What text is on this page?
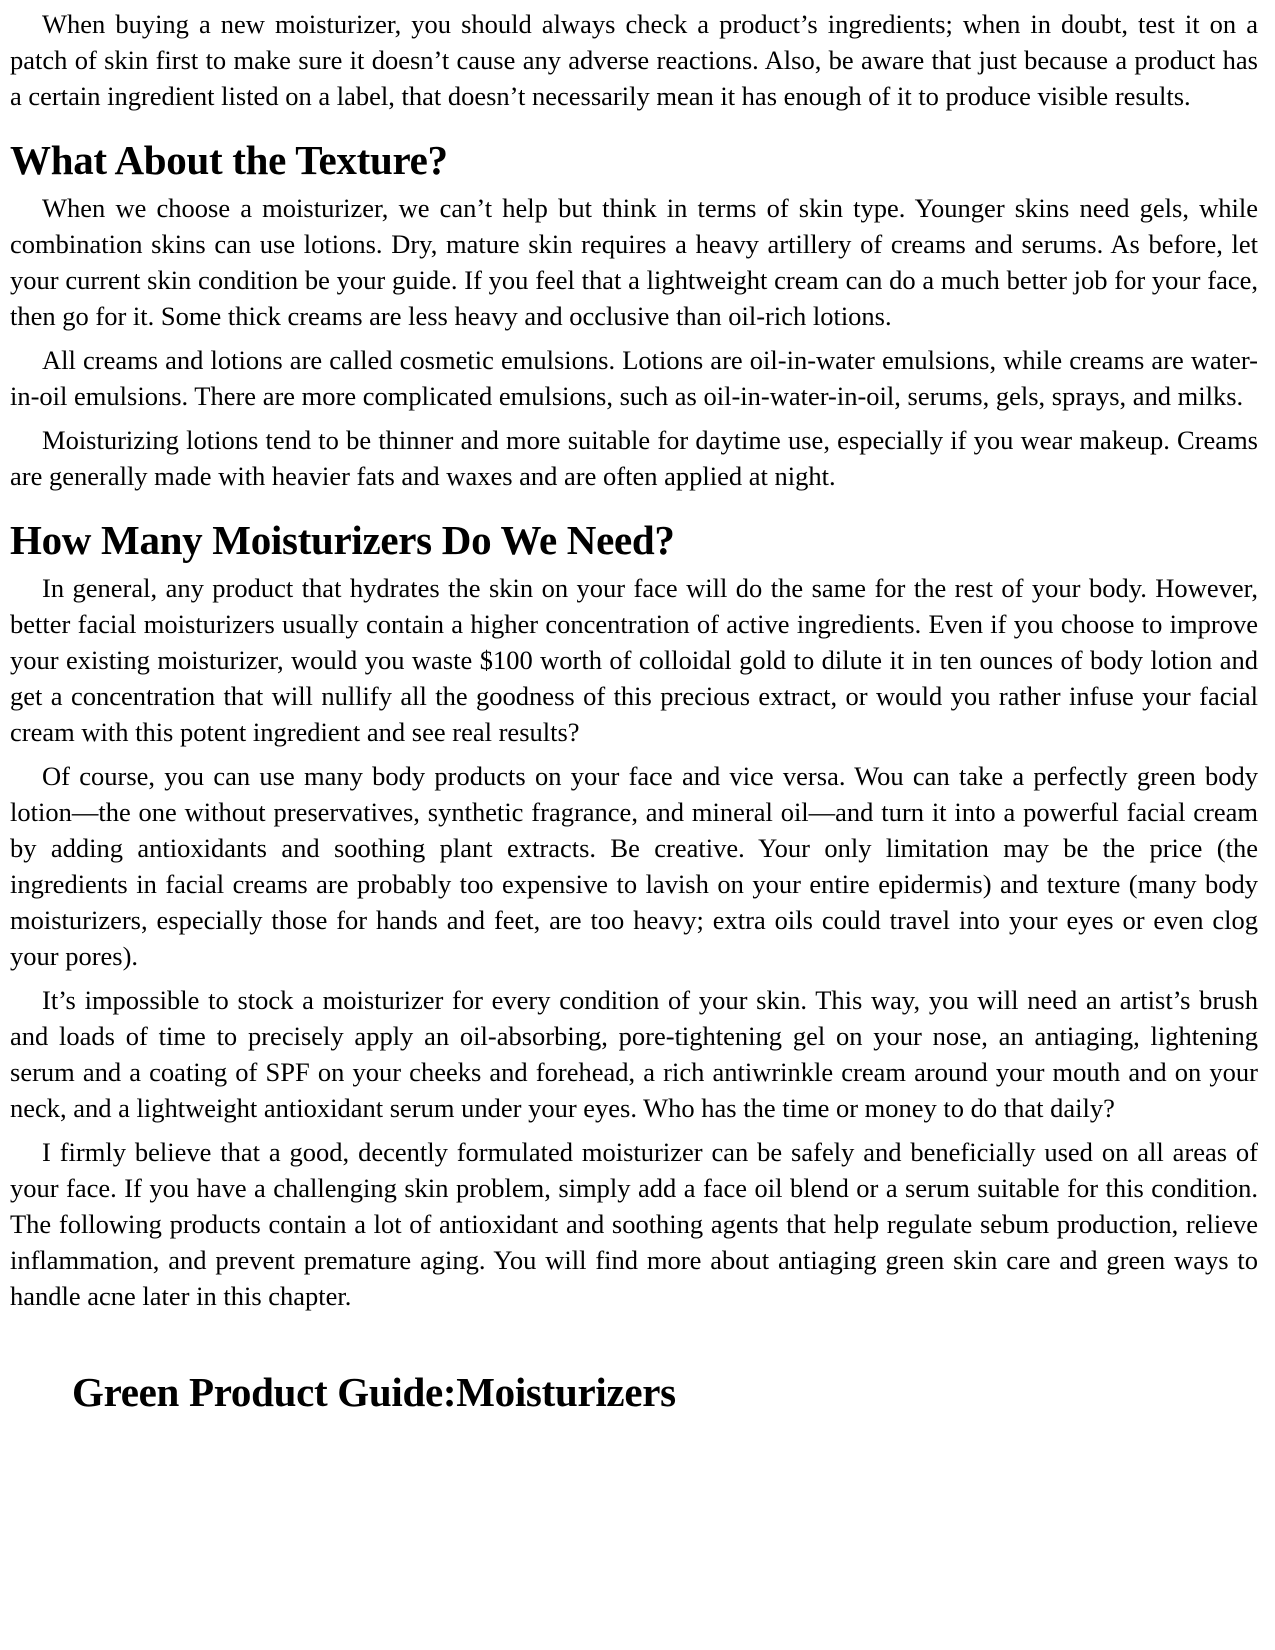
When buying a new moisturizer, you should always check a product’s ingredients; when in doubt, test it on a patch of skin first to make sure it doesn’t cause any adverse reactions. Also, be aware that just because a product has a certain ingredient listed on a label, that doesn’t necessarily mean it has enough of it to produce visible results.

What About the Texture?

When we choose a moisturizer, we can’t help but think in terms of skin type. Younger skins need gels, while combination skins can use lotions. Dry, mature skin requires a heavy artillery of creams and serums. As before, let your current skin condition be your guide. If you feel that a lightweight cream can do a much better job for your face, then go for it. Some thick creams are less heavy and occlusive than oil-rich lotions.

All creams and lotions are called cosmetic emulsions. Lotions are oil-in-water emulsions, while creams are water-in-oil emulsions. There are more complicated emulsions, such as oil-in-water-in-oil, serums, gels, sprays, and milks.

Moisturizing lotions tend to be thinner and more suitable for daytime use, especially if you wear makeup. Creams are generally made with heavier fats and waxes and are often applied at night.

How Many Moisturizers Do We Need?

In general, any product that hydrates the skin on your face will do the same for the rest of your body. However, better facial moisturizers usually contain a higher concentration of active ingredients. Even if you choose to improve your existing moisturizer, would you waste $100 worth of colloidal gold to dilute it in ten ounces of body lotion and get a concentration that will nullify all the goodness of this precious extract, or would you rather infuse your facial cream with this potent ingredient and see real results?

Of course, you can use many body products on your face and vice versa. Wou can take a perfectly green body lotion—the one without preservatives, synthetic fragrance, and mineral oil—and turn it into a powerful facial cream by adding antioxidants and soothing plant extracts. Be creative. Your only limitation may be the price (the ingredients in facial creams are probably too expensive to lavish on your entire epidermis) and texture (many body moisturizers, especially those for hands and feet, are too heavy; extra oils could travel into your eyes or even clog your pores).

It’s impossible to stock a moisturizer for every condition of your skin. This way, you will need an artist’s brush and loads of time to precisely apply an oil-absorbing, pore-tightening gel on your nose, an antiaging, lightening serum and a coating of SPF on your cheeks and forehead, a rich antiwrinkle cream around your mouth and on your neck, and a lightweight antioxidant serum under your eyes. Who has the time or money to do that daily?

I firmly believe that a good, decently formulated moisturizer can be safely and beneficially used on all areas of your face. If you have a challenging skin problem, simply add a face oil blend or a serum suitable for this condition. The following products contain a lot of antioxidant and soothing agents that help regulate sebum production, relieve inflammation, and prevent premature aging. You will find more about antiaging green skin care and green ways to handle acne later in this chapter.

Green Product Guide:Moisturizers
